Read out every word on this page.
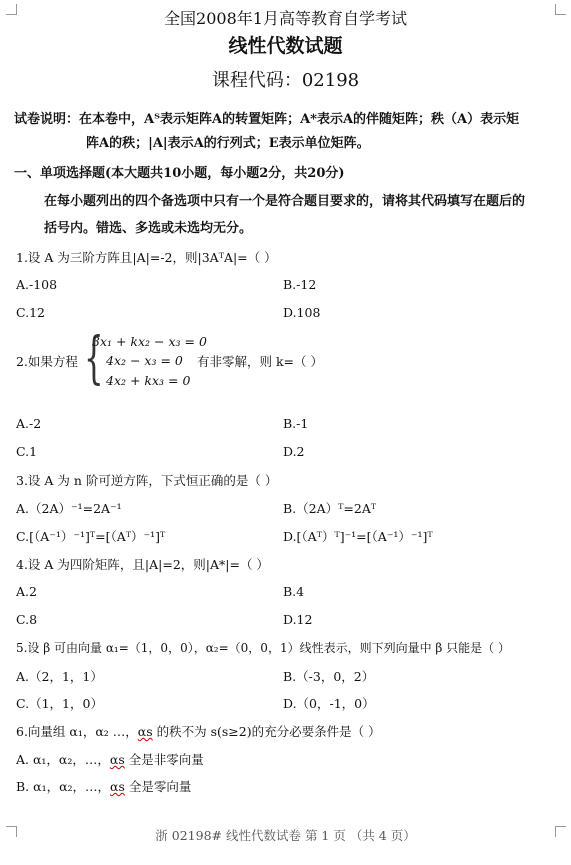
全国2008年1月高等教育自学考试
线性代数试题
课程代码：02198
试卷说明：在本卷中，Aᵀ表示矩阵A的转置矩阵；A*表示A的伴随矩阵；秩（A）表示矩
阵A的秩；|A|表示A的行列式；E表示单位矩阵。
一、单项选择题(本大题共10小题，每小题2分，共20分)
在每小题列出的四个备选项中只有一个是符合题目要求的，请将其代码填写在题后的
括号内。错选、多选或未选均无分。
1.设 A 为三阶方阵且|A|=-2，则|3AᵀA|=（ ）
A.-108	B.-12
C.12	D.108
2.如果方程 {
3x₁ + kx₂ − x₃ = 0
4x₂ − x₃ = 0
4x₂ + kx₃ = 0
有非零解，则 k=（ ）
A.-2	B.-1
C.1	D.2
3.设 A 为 n 阶可逆方阵，下式恒正确的是（ ）
A.（2A）⁻¹=2A⁻¹	B.（2A）ᵀ=2Aᵀ
C.[（A⁻¹）⁻¹]ᵀ=[（Aᵀ）⁻¹]ᵀ	D.[（Aᵀ）ᵀ]⁻¹=[（A⁻¹）⁻¹]ᵀ
4.设 A 为四阶矩阵，且|A|=2，则|A*|=（ ）
A.2	B.4
C.8	D.12
5.设 β 可由向量 α₁=（1，0，0），α₂=（0，0，1）线性表示，则下列向量中 β 只能是（ ）
A.（2，1，1）	B.（-3，0，2）
C.（1，1，0）	D.（0，-1，0）
6.向量组 α₁，α₂ …，αs 的秩不为 s(s≥2)的充分必要条件是（ ）
A. α₁，α₂，…，αs 全是非零向量
B. α₁，α₂，…，αs 全是零向量
浙 02198# 线性代数试卷 第 1 页 （共 4 页）
